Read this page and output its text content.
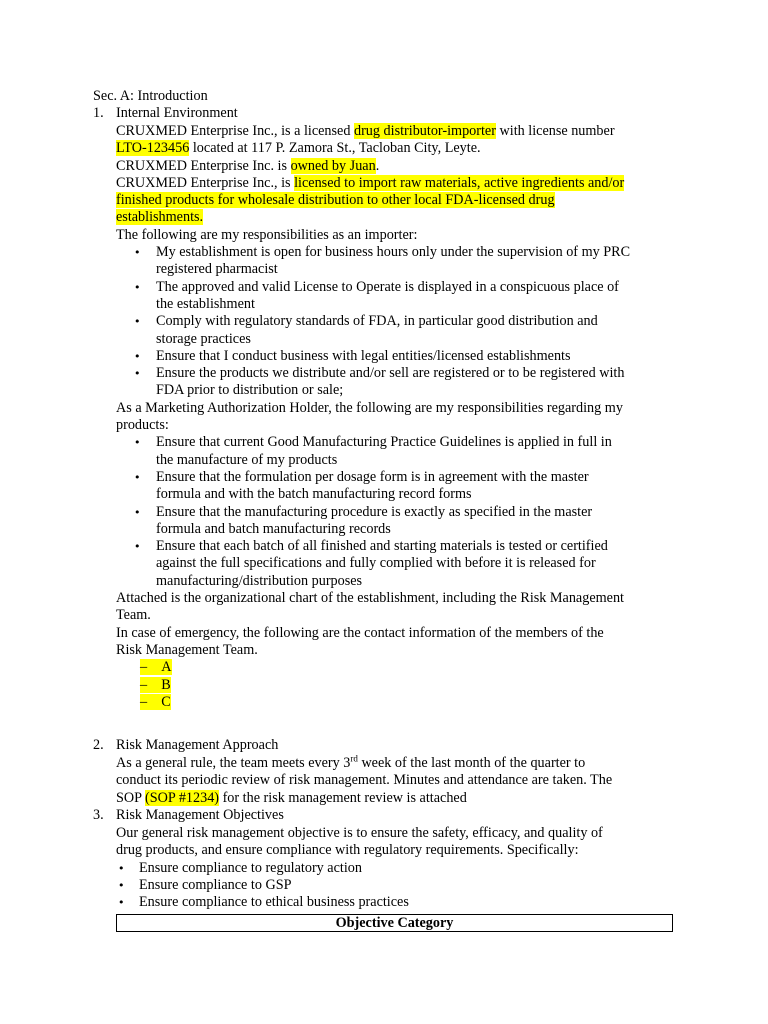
Sec. A: Introduction
1. Internal Environment
CRUXMED Enterprise Inc., is a licensed drug distributor-importer with license number
LTO-123456 located at 117 P. Zamora St., Tacloban City, Leyte.
CRUXMED Enterprise Inc. is owned by Juan.
CRUXMED Enterprise Inc., is licensed to import raw materials, active ingredients and/or
finished products for wholesale distribution to other local FDA-licensed drug
establishments.
The following are my responsibilities as an importer:
• My establishment is open for business hours only under the supervision of my PRC
registered pharmacist
• The approved and valid License to Operate is displayed in a conspicuous place of
the establishment
• Comply with regulatory standards of FDA, in particular good distribution and
storage practices
• Ensure that I conduct business with legal entities/licensed establishments
• Ensure the products we distribute and/or sell are registered or to be registered with
FDA prior to distribution or sale;
As a Marketing Authorization Holder, the following are my responsibilities regarding my
products:
• Ensure that current Good Manufacturing Practice Guidelines is applied in full in
the manufacture of my products
• Ensure that the formulation per dosage form is in agreement with the master
formula and with the batch manufacturing record forms
• Ensure that the manufacturing procedure is exactly as specified in the master
formula and batch manufacturing records
• Ensure that each batch of all finished and starting materials is tested or certified
against the full specifications and fully complied with before it is released for
manufacturing/distribution purposes
Attached is the organizational chart of the establishment, including the Risk Management
Team.
In case of emergency, the following are the contact information of the members of the
Risk Management Team.
– A
– B
– C
2. Risk Management Approach
As a general rule, the team meets every 3rd week of the last month of the quarter to
conduct its periodic review of risk management. Minutes and attendance are taken. The
SOP (SOP #1234) for the risk management review is attached
3. Risk Management Objectives
Our general risk management objective is to ensure the safety, efficacy, and quality of
drug products, and ensure compliance with regulatory requirements. Specifically:
• Ensure compliance to regulatory action
• Ensure compliance to GSP
• Ensure compliance to ethical business practices
Objective Category
